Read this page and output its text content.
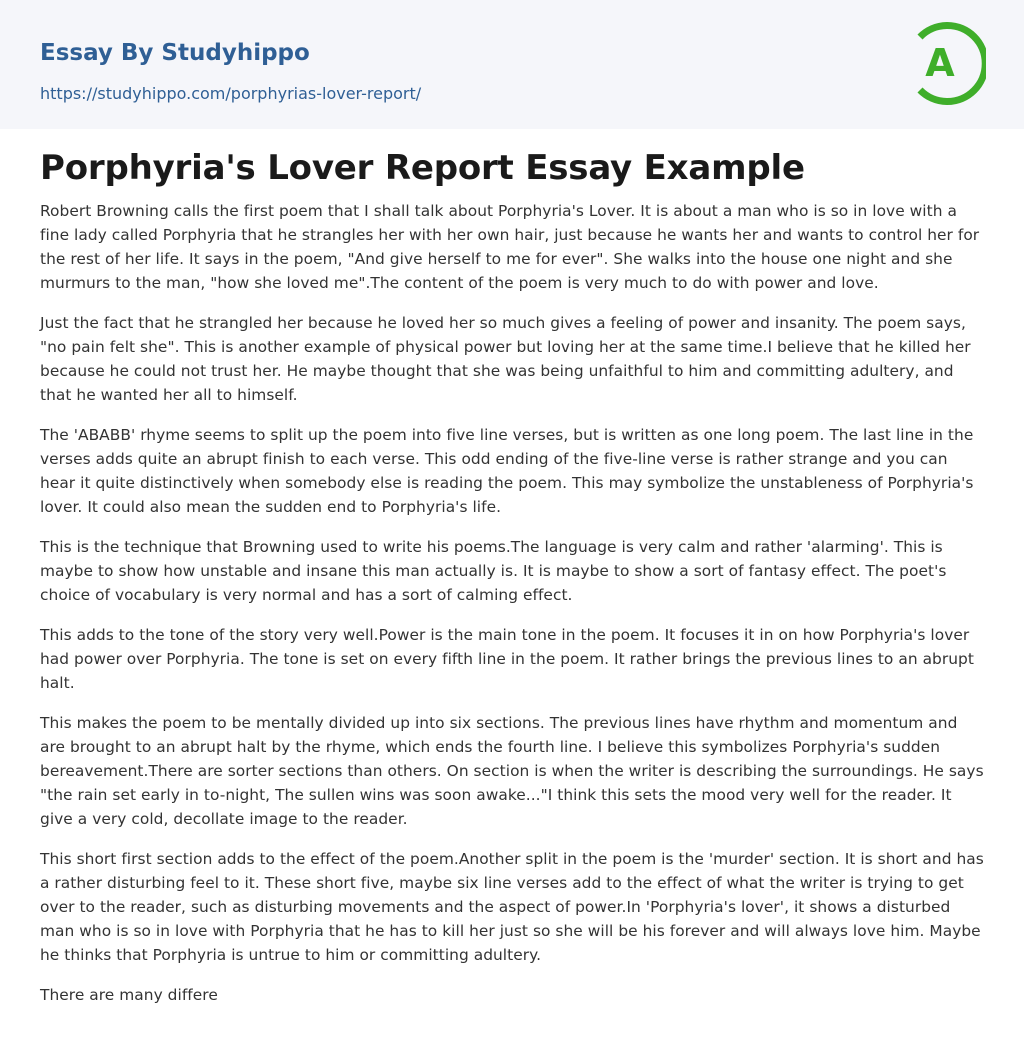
Essay By Studyhippo
https://studyhippo.com/porphyrias-lover-report/
A
Porphyria's Lover Report Essay Example

Robert Browning calls the first poem that I shall talk about Porphyria's Lover. It is about a man who is so in love with a fine lady called Porphyria that he strangles her with her own hair, just because he wants her and wants to control her for the rest of her life. It says in the poem, "And give herself to me for ever". She walks into the house one night and she murmurs to the man, "how she loved me".The content of the poem is very much to do with power and love.

Just the fact that he strangled her because he loved her so much gives a feeling of power and insanity. The poem says, "no pain felt she". This is another example of physical power but loving her at the same time.I believe that he killed her because he could not trust her. He maybe thought that she was being unfaithful to him and committing adultery, and that he wanted her all to himself.

The 'ABABB' rhyme seems to split up the poem into five line verses, but is written as one long poem. The last line in the verses adds quite an abrupt finish to each verse. This odd ending of the five-line verse is rather strange and you can hear it quite distinctively when somebody else is reading the poem. This may symbolize the unstableness of Porphyria's lover. It could also mean the sudden end to Porphyria's life.

This is the technique that Browning used to write his poems.The language is very calm and rather 'alarming'. This is maybe to show how unstable and insane this man actually is. It is maybe to show a sort of fantasy effect. The poet's choice of vocabulary is very normal and has a sort of calming effect.

This adds to the tone of the story very well.Power is the main tone in the poem. It focuses it in on how Porphyria's lover had power over Porphyria. The tone is set on every fifth line in the poem. It rather brings the previous lines to an abrupt halt.

This makes the poem to be mentally divided up into six sections. The previous lines have rhythm and momentum and are brought to an abrupt halt by the rhyme, which ends the fourth line. I believe this symbolizes Porphyria's sudden bereavement.There are sorter sections than others. On section is when the writer is describing the surroundings. He says "the rain set early in to-night, The sullen wins was soon awake..."I think this sets the mood very well for the reader. It give a very cold, decollate image to the reader.

This short first section adds to the effect of the poem.Another split in the poem is the 'murder' section. It is short and has a rather disturbing feel to it. These short five, maybe six line verses add to the effect of what the writer is trying to get over to the reader, such as disturbing movements and the aspect of power.In 'Porphyria's lover', it shows a disturbed man who is so in love with Porphyria that he has to kill her just so she will be his forever and will always love him. Maybe he thinks that Porphyria is untrue to him or committing adultery.

There are many differe
